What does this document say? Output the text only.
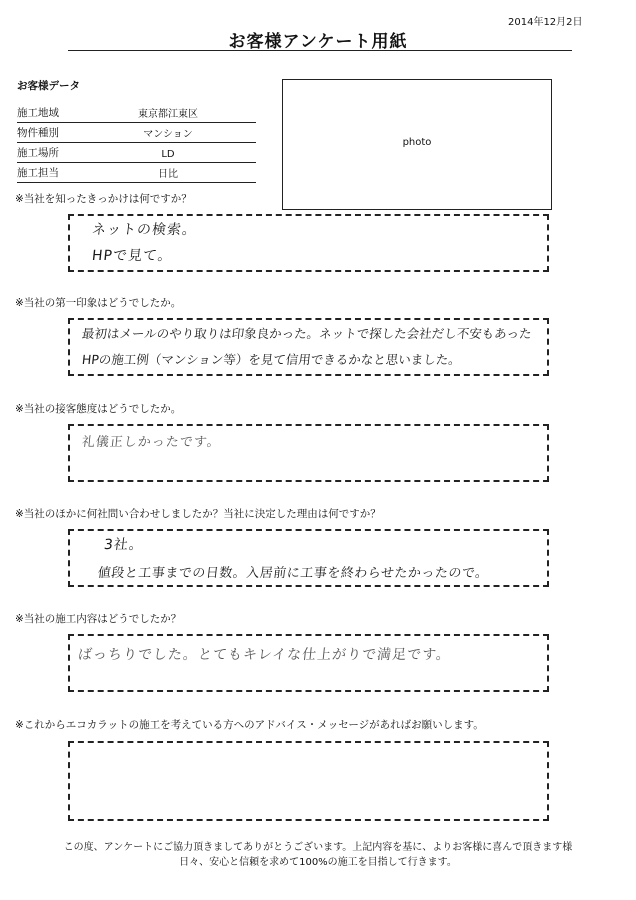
2014年12月2日
お客様アンケート用紙
お客様データ
施工地域	東京都江東区
物件種別	マンション
施工場所	LD
施工担当	日比
photo
※当社を知ったきっかけは何ですか？
ネットの検索。
HPで見て。
※当社の第一印象はどうでしたか。
最初はメールのやり取りは印象良かった。ネットで探した会社だし不安もあった
HPの施工例（マンション等）を見て信用できるかなと思いました。
※当社の接客態度はどうでしたか。
礼儀正しかったです。
※当社のほかに何社問い合わせしましたか？当社に決定した理由は何ですか？
3社。
値段と工事までの日数。入居前に工事を終わらせたかったので。
※当社の施工内容はどうでしたか？
ばっちりでした。とてもキレイな仕上がりで満足です。
※これからエコカラットの施工を考えている方へのアドバイス・メッセージがあればお願いします。
この度、アンケートにご協力頂きましてありがとうございます。上記内容を基に、よりお客様に喜んで頂きます様
日々、安心と信頼を求めて100%の施工を目指して行きます。
